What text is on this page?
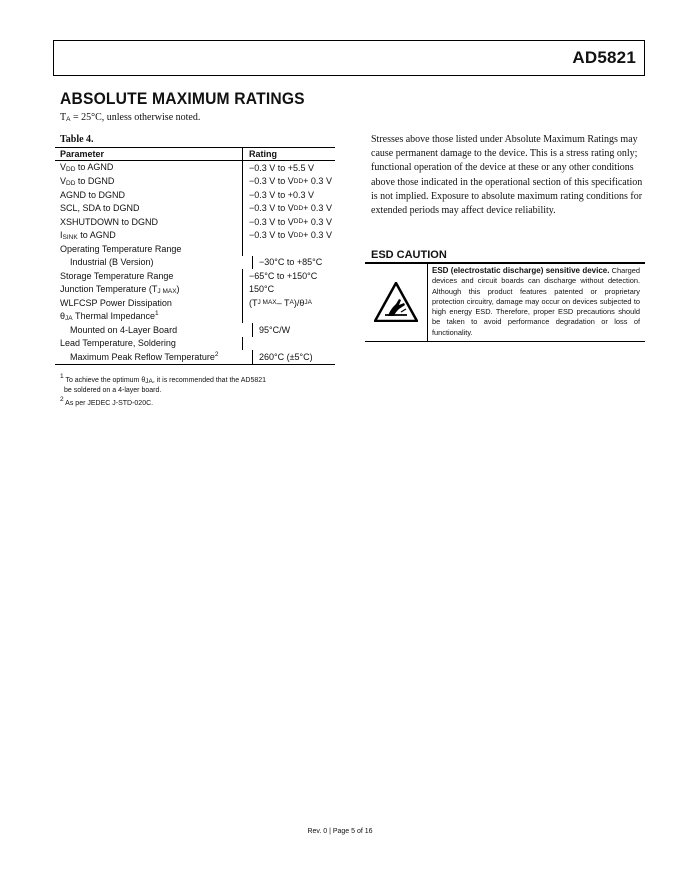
AD5821
ABSOLUTE MAXIMUM RATINGS
TA = 25°C, unless otherwise noted.
Table 4.
Parameter	Rating
VDD to AGND	−0.3 V to +5.5 V
VDD to DGND	−0.3 V to V DD + 0.3 V
AGND to DGND	−0.3 V to +0.3 V
SCL, SDA to DGND	−0.3 V to V DD + 0.3 V
XSHUTDOWN to DGND	−0.3 V to V DD + 0.3 V
ISINK to AGND	−0.3 V to V DD + 0.3 V
Operating Temperature Range
Industrial (B Version)	−30°C to +85°C
Storage Temperature Range	−65°C to +150°C
Junction Temperature (TJ MAX)	150°C
WLFCSP Power Dissipation	(T J MAX – T A )/θ JA
θJA Thermal Impedance$^1$
Mounted on 4-Layer Board	95°C/W
Lead Temperature, Soldering
Maximum Peak Reflow Temperature$^2$	260°C (±5°C)
1 To achieve the optimum θJA, it is recommended that the AD5821
be soldered on a 4-layer board.
2 As per JEDEC J-STD-020C.
Stresses above those listed under Absolute Maximum Ratings may cause permanent damage to the device. This is a stress rating only; functional operation of the device at these or any other conditions above those indicated in the operational section of this specification is not implied. Exposure to absolute maximum rating conditions for extended periods may affect device reliability.
ESD CAUTION
ESD (electrostatic discharge) sensitive device. Charged devices and circuit boards can discharge without detection. Although this product features patented or proprietary protection circuitry, damage may occur on devices subjected to high energy ESD. Therefore, proper ESD precautions should be taken to avoid performance degradation or loss of functionality.
Rev. 0 | Page 5 of 16
